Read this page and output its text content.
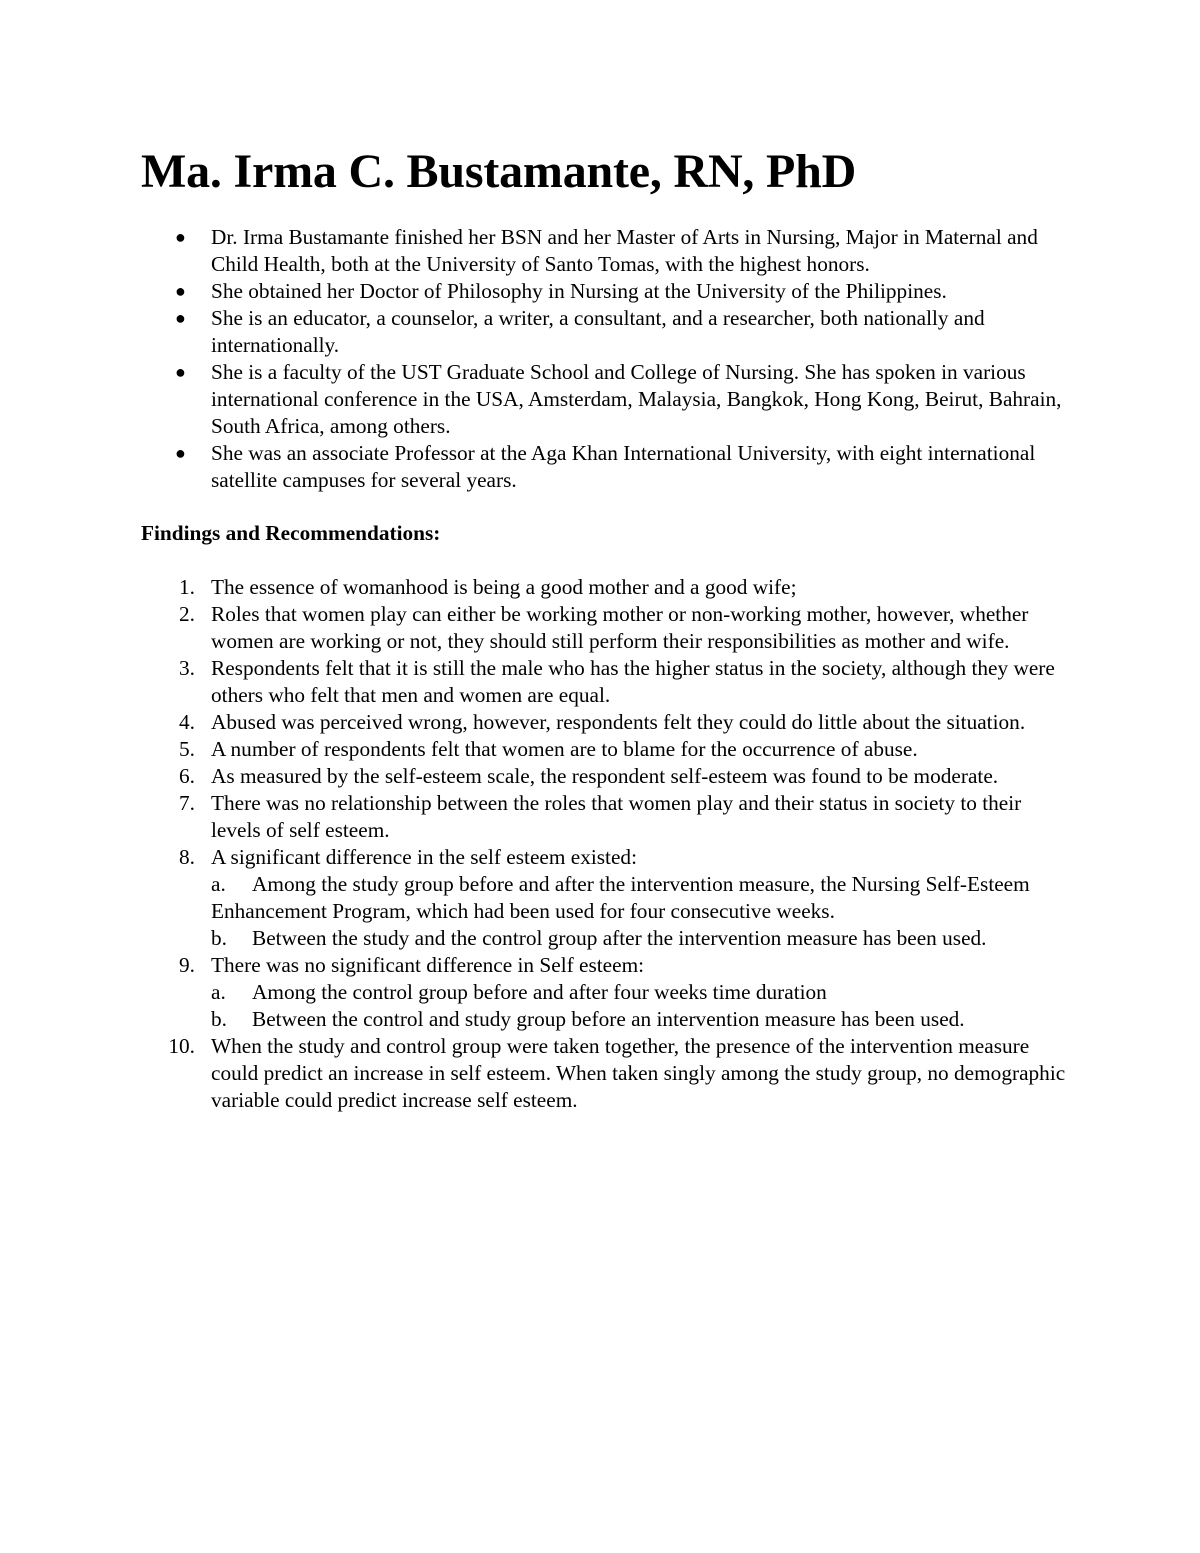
Ma. Irma C. Bustamante, RN, PhD
● Dr. Irma Bustamante finished her BSN and her Master of Arts in Nursing, Major in Maternal and Child Health, both at the University of Santo Tomas, with the highest honors.
● She obtained her Doctor of Philosophy in Nursing at the University of the Philippines.
● She is an educator, a counselor, a writer, a consultant, and a researcher, both nationally and internationally.
● She is a faculty of the UST Graduate School and College of Nursing. She has spoken in various international conference in the USA, Amsterdam, Malaysia, Bangkok, Hong Kong, Beirut, Bahrain, South Africa, among others.
● She was an associate Professor at the Aga Khan International University, with eight international satellite campuses for several years.
Findings and Recommendations:
1. The essence of womanhood is being a good mother and a good wife;
2. Roles that women play can either be working mother or non-working mother, however, whether women are working or not, they should still perform their responsibilities as mother and wife.
3. Respondents felt that it is still the male who has the higher status in the society, although they were others who felt that men and women are equal.
4. Abused was perceived wrong, however, respondents felt they could do little about the situation.
5. A number of respondents felt that women are to blame for the occurrence of abuse.
6. As measured by the self-esteem scale, the respondent self-esteem was found to be moderate.
7. There was no relationship between the roles that women play and their status in society to their levels of self esteem.
8. A significant difference in the self esteem existed:
a. Among the study group before and after the intervention measure, the Nursing Self-Esteem Enhancement Program, which had been used for four consecutive weeks.
b. Between the study and the control group after the intervention measure has been used.
9. There was no significant difference in Self esteem:
a. Among the control group before and after four weeks time duration
b. Between the control and study group before an intervention measure has been used.
10. When the study and control group were taken together, the presence of the intervention measure could predict an increase in self esteem. When taken singly among the study group, no demographic variable could predict increase self esteem.
